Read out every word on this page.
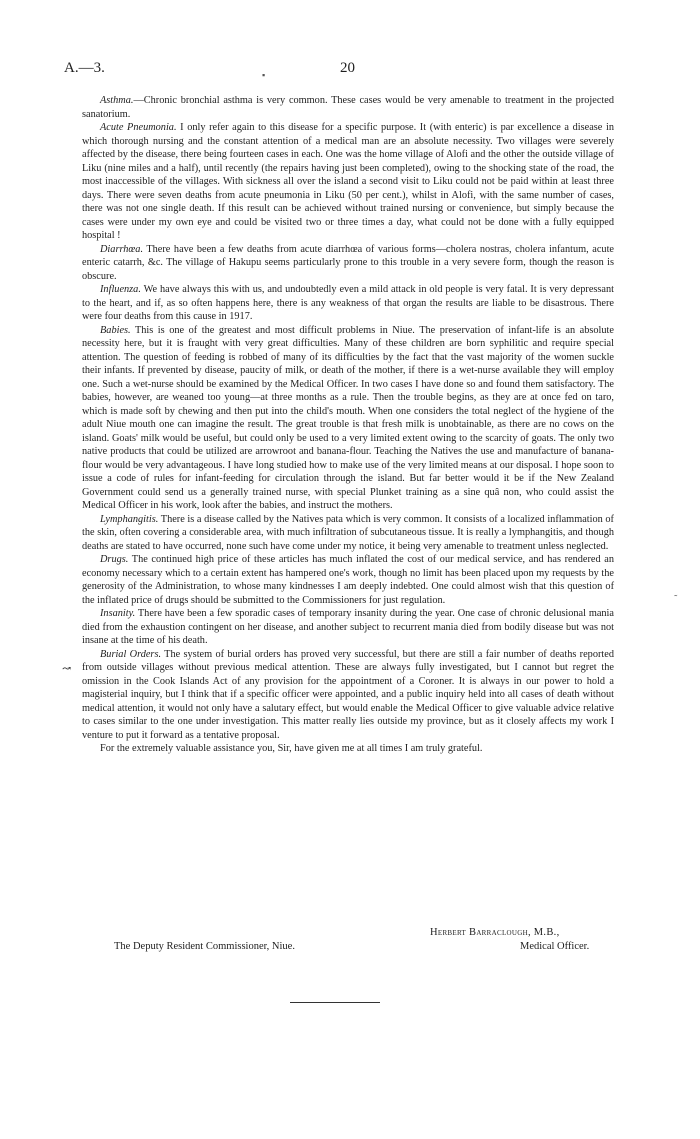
A.—3.	▪	20

Asthma.—Chronic bronchial asthma is very common. These cases would be very amenable to treatment in the projected sanatorium.

Acute Pneumonia. I only refer again to this disease for a specific purpose. It (with enteric) is par excellence a disease in which thorough nursing and the constant attention of a medical man are an absolute necessity. Two villages were severely affected by the disease, there being fourteen cases in each. One was the home village of Alofi and the other the outside village of Liku (nine miles and a half), until recently (the repairs having just been completed), owing to the shocking state of the road, the most inaccessible of the villages. With sickness all over the island a second visit to Liku could not be paid within at least three days. There were seven deaths from acute pneumonia in Liku (50 per cent.), whilst in Alofi, with the same number of cases, there was not one single death. If this result can be achieved without trained nursing or convenience, but simply because the cases were under my own eye and could be visited two or three times a day, what could not be done with a fully equipped hospital !

Diarrhœa. There have been a few deaths from acute diarrhœa of various forms—cholera nostras, cholera infantum, acute enteric catarrh, &c. The village of Hakupu seems particularly prone to this trouble in a very severe form, though the reason is obscure.

Influenza. We have always this with us, and undoubtedly even a mild attack in old people is very fatal. It is very depressant to the heart, and if, as so often happens here, there is any weakness of that organ the results are liable to be disastrous. There were four deaths from this cause in 1917.

Babies. This is one of the greatest and most difficult problems in Niue. The preservation of infant-life is an absolute necessity here, but it is fraught with very great difficulties. Many of these children are born syphilitic and require special attention. The question of feeding is robbed of many of its difficulties by the fact that the vast majority of the women suckle their infants. If prevented by disease, paucity of milk, or death of the mother, if there is a wet-nurse available they will employ one. Such a wet-nurse should be examined by the Medical Officer. In two cases I have done so and found them satisfactory. The babies, however, are weaned too young—at three months as a rule. Then the trouble begins, as they are at once fed on taro, which is made soft by chewing and then put into the child's mouth. When one considers the total neglect of the hygiene of the adult Niue mouth one can imagine the result. The great trouble is that fresh milk is unobtainable, as there are no cows on the island. Goats' milk would be useful, but could only be used to a very limited extent owing to the scarcity of goats. The only two native products that could be utilized are arrowroot and banana-flour. Teaching the Natives the use and manufacture of banana-flour would be very advantageous. I have long studied how to make use of the very limited means at our disposal. I hope soon to issue a code of rules for infant-feeding for circulation through the island. But far better would it be if the New Zealand Government could send us a generally trained nurse, with special Plunket training as a sine quâ non, who could assist the Medical Officer in his work, look after the babies, and instruct the mothers.

Lymphangitis. There is a disease called by the Natives pata which is very common. It consists of a localized inflammation of the skin, often covering a considerable area, with much infiltration of subcutaneous tissue. It is really a lymphangitis, and though deaths are stated to have occurred, none such have come under my notice, it being very amenable to treatment unless neglected.

Drugs. The continued high price of these articles has much inflated the cost of our medical service, and has rendered an economy necessary which to a certain extent has hampered one's work, though no limit has been placed upon my requests by the generosity of the Administration, to whose many kindnesses I am deeply indebted. One could almost wish that this question of the inflated price of drugs should be submitted to the Commissioners for just regulation.

Insanity. There have been a few sporadic cases of temporary insanity during the year. One case of chronic delusional mania died from the exhaustion contingent on her disease, and another subject to recurrent mania died from bodily disease but was not insane at the time of his death.

Burial Orders. The system of burial orders has proved very successful, but there are still a fair number of deaths reported from outside villages without previous medical attention. These are always fully investigated, but I cannot but regret the omission in the Cook Islands Act of any provision for the appointment of a Coroner. It is always in our power to hold a magisterial inquiry, but I think that if a specific officer were appointed, and a public inquiry held into all cases of death without medical attention, it would not only have a salutary effect, but would enable the Medical Officer to give valuable advice relative to cases similar to the one under investigation. This matter really lies outside my province, but as it closely affects my work I venture to put it forward as a tentative proposal.

For the extremely valuable assistance you, Sir, have given me at all times I am truly grateful.

Herbert Barraclough, M.B.,
The Deputy Resident Commissioner, Niue.	Medical Officer.
˜
↝
